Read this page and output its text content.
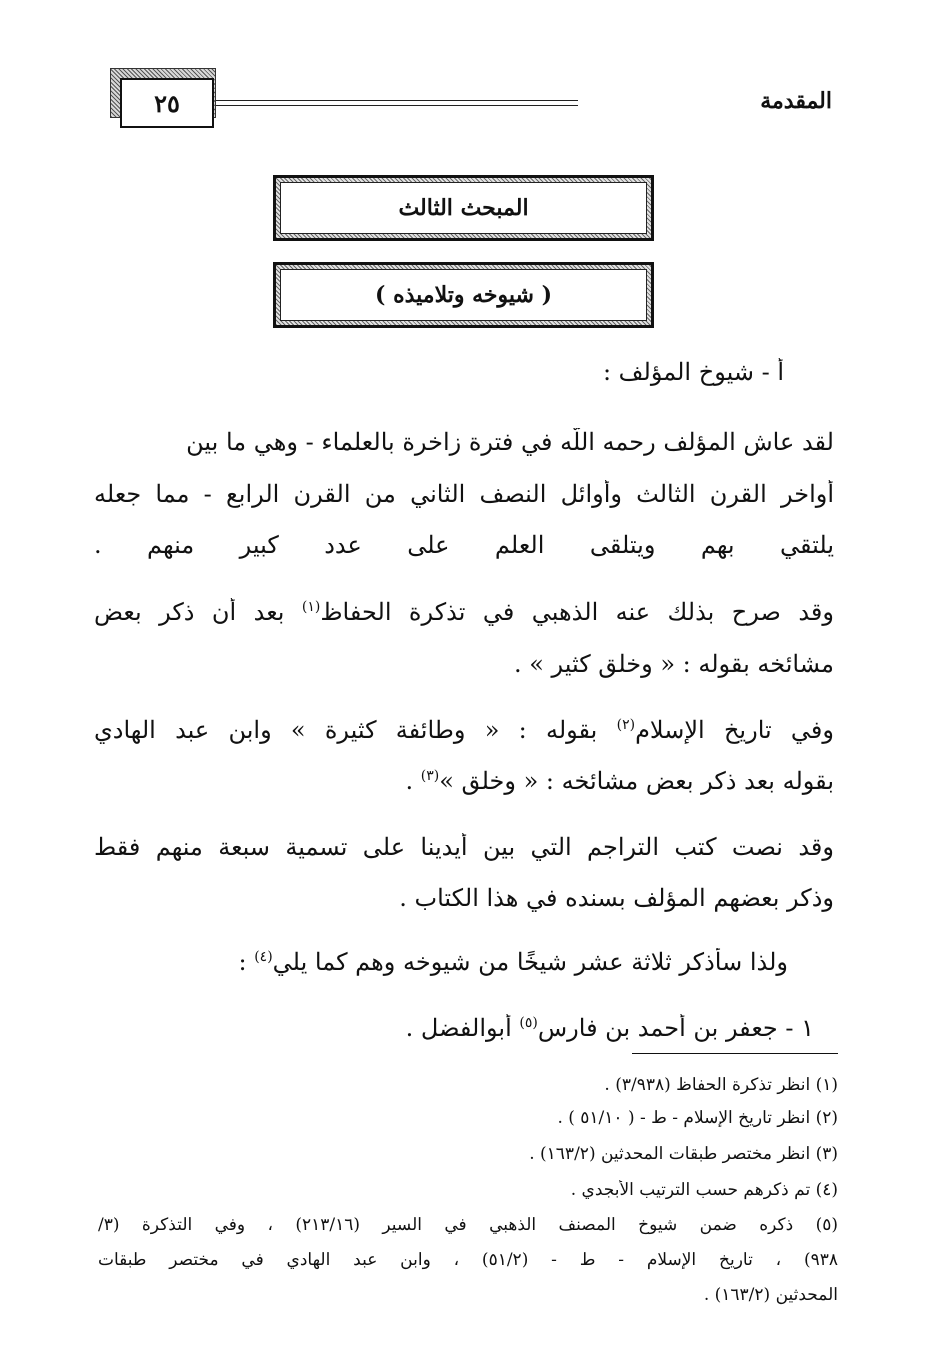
٢٥	المقدمة
المبحث الثالث
( شيوخه وتلاميذه )
أ - شيوخ المؤلف :
لقد عاش المؤلف رحمه اللّه في فترة زاخرة بالعلماء - وهي ما بين
أواخر القرن الثالث وأوائل النصف الثاني من القرن الرابع - مما جعله
يلتقي بهم ويتلقى العلم على عدد كبير منهم .
وقد صرح بذلك عنه الذهبي في تذكرة الحفاظ$^{(١)}$ بعد أن ذكر بعض
مشائخه بقوله : « وخلق كثير » .
وفي تاريخ الإسلام$^{(٢)}$ بقوله : « وطائفة كثيرة » وابن عبد الهادي
بقوله بعد ذكر بعض مشائخه : « وخلق »$^{(٣)}$ .
وقد نصت كتب التراجم التي بين أيدينا على تسمية سبعة منهم فقط
وذكر بعضهم المؤلف بسنده في هذا الكتاب .
ولذا سأذكر ثلاثة عشر شيخًا من شيوخه وهم كما يلي$^{(٤)}$ :
١ - جعفر بن أحمد بن فارس$^{(٥)}$ أبوالفضل .
(١) انظر تذكرة الحفاظ (٣/٩٣٨) .
(٢) انظر تاريخ الإسلام - ط - ( ٥١/١٠ ) .
(٣) انظر مختصر طبقات المحدثين (١٦٣/٢) .
(٤) تم ذكرهم حسب الترتيب الأبجدي .
(٥) ذكره ضمن شيوخ المصنف الذهبي في السير (٢١٣/١٦) ، وفي التذكرة (٣/
٩٣٨) ، تاريخ الإسلام - ط - (٥١/٢) ، وابن عبد الهادي في مختصر طبقات
المحدثين (١٦٣/٢) .
